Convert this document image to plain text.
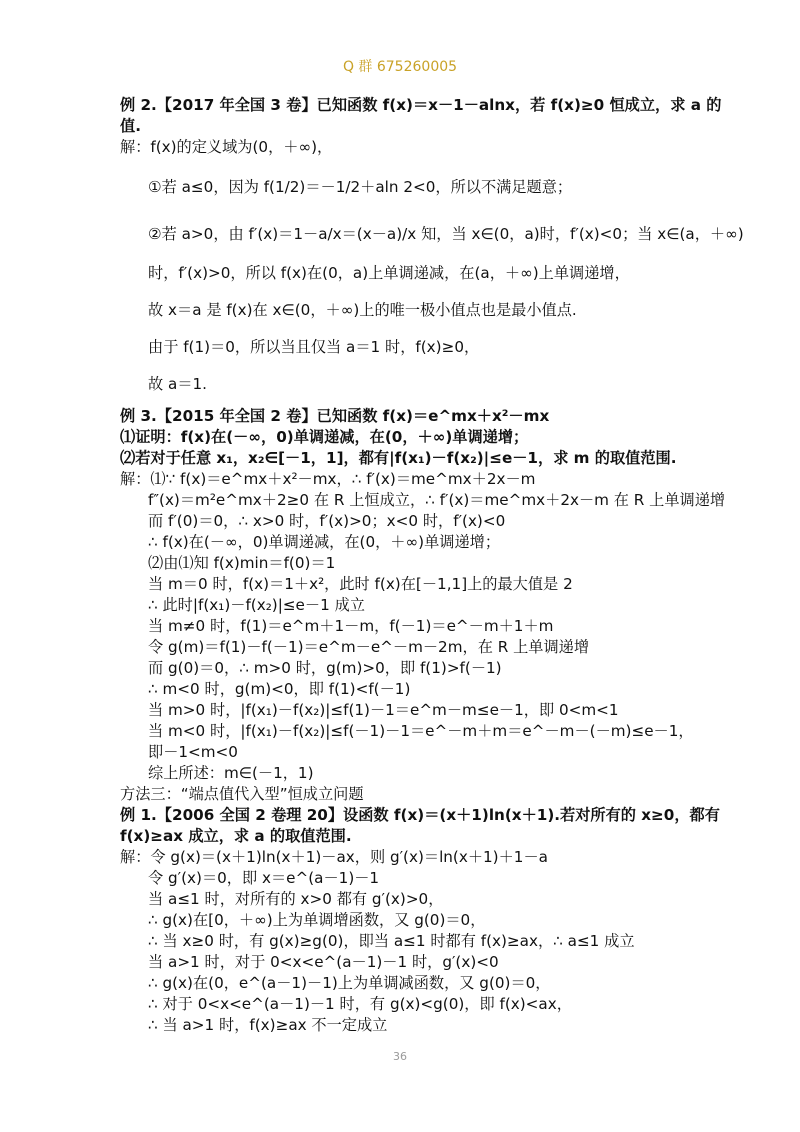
Q 群 675260005
例 2.【2017 年全国 3 卷】已知函数 f(x)＝x－1－alnx，若 f(x)≥0 恒成立，求 a 的
值.
解：f(x)的定义域为(0，＋∞)，
①若 a≤0，因为 f(1/2)＝－1/2＋aln 2<0，所以不满足题意；
②若 a>0，由 f′(x)＝1－a/x＝(x－a)/x 知，当 x∈(0，a)时，f′(x)<0；当 x∈(a，＋∞)
时，f′(x)>0，所以 f(x)在(0，a)上单调递减，在(a，＋∞)上单调递增，
故 x＝a 是 f(x)在 x∈(0，＋∞)上的唯一极小值点也是最小值点.
由于 f(1)＝0，所以当且仅当 a＝1 时，f(x)≥0，
故 a＝1.
例 3.【2015 年全国 2 卷】已知函数 f(x)＝e^mx＋x²－mx
⑴证明：f(x)在(－∞，0)单调递减，在(0，＋∞)单调递增；
⑵若对于任意 x₁，x₂∈[－1，1]，都有|f(x₁)－f(x₂)|≤e－1，求 m 的取值范围.
解：⑴∵ f(x)＝e^mx＋x²－mx，∴ f′(x)＝me^mx＋2x－m
f″(x)＝m²e^mx＋2≥0 在 R 上恒成立，∴ f′(x)＝me^mx＋2x－m 在 R 上单调递增
而 f′(0)＝0，∴ x>0 时，f′(x)>0；x<0 时，f′(x)<0
∴ f(x)在(－∞，0)单调递减，在(0，＋∞)单调递增；
⑵由⑴知 f(x)min＝f(0)＝1
当 m＝0 时，f(x)＝1＋x²，此时 f(x)在[－1,1]上的最大值是 2
∴ 此时|f(x₁)－f(x₂)|≤e－1 成立
当 m≠0 时，f(1)＝e^m＋1－m，f(－1)＝e^－m＋1＋m
令 g(m)＝f(1)－f(－1)＝e^m－e^－m－2m，在 R 上单调递增
而 g(0)＝0，∴ m>0 时，g(m)>0，即 f(1)>f(－1)
∴ m<0 时，g(m)<0，即 f(1)<f(－1)
当 m>0 时，|f(x₁)－f(x₂)|≤f(1)－1＝e^m－m≤e－1，即 0<m<1
当 m<0 时，|f(x₁)－f(x₂)|≤f(－1)－1＝e^－m＋m＝e^－m－(－m)≤e－1，
即－1<m<0
综上所述：m∈(－1，1)
方法三：“端点值代入型”恒成立问题
例 1.【2006 全国 2 卷理 20】设函数 f(x)＝(x＋1)ln(x＋1).若对所有的 x≥0，都有
f(x)≥ax 成立，求 a 的取值范围.
解：令 g(x)＝(x＋1)ln(x＋1)－ax，则 g′(x)＝ln(x＋1)＋1－a
令 g′(x)＝0，即 x＝e^(a－1)－1
当 a≤1 时，对所有的 x>0 都有 g′(x)>0，
∴ g(x)在[0，＋∞)上为单调增函数，又 g(0)＝0，
∴ 当 x≥0 时，有 g(x)≥g(0)，即当 a≤1 时都有 f(x)≥ax，∴ a≤1 成立
当 a>1 时，对于 0<x<e^(a－1)－1 时，g′(x)<0
∴ g(x)在(0，e^(a－1)－1)上为单调减函数，又 g(0)＝0，
∴ 对于 0<x<e^(a－1)－1 时，有 g(x)<g(0)，即 f(x)<ax，
∴ 当 a>1 时，f(x)≥ax 不一定成立
36
